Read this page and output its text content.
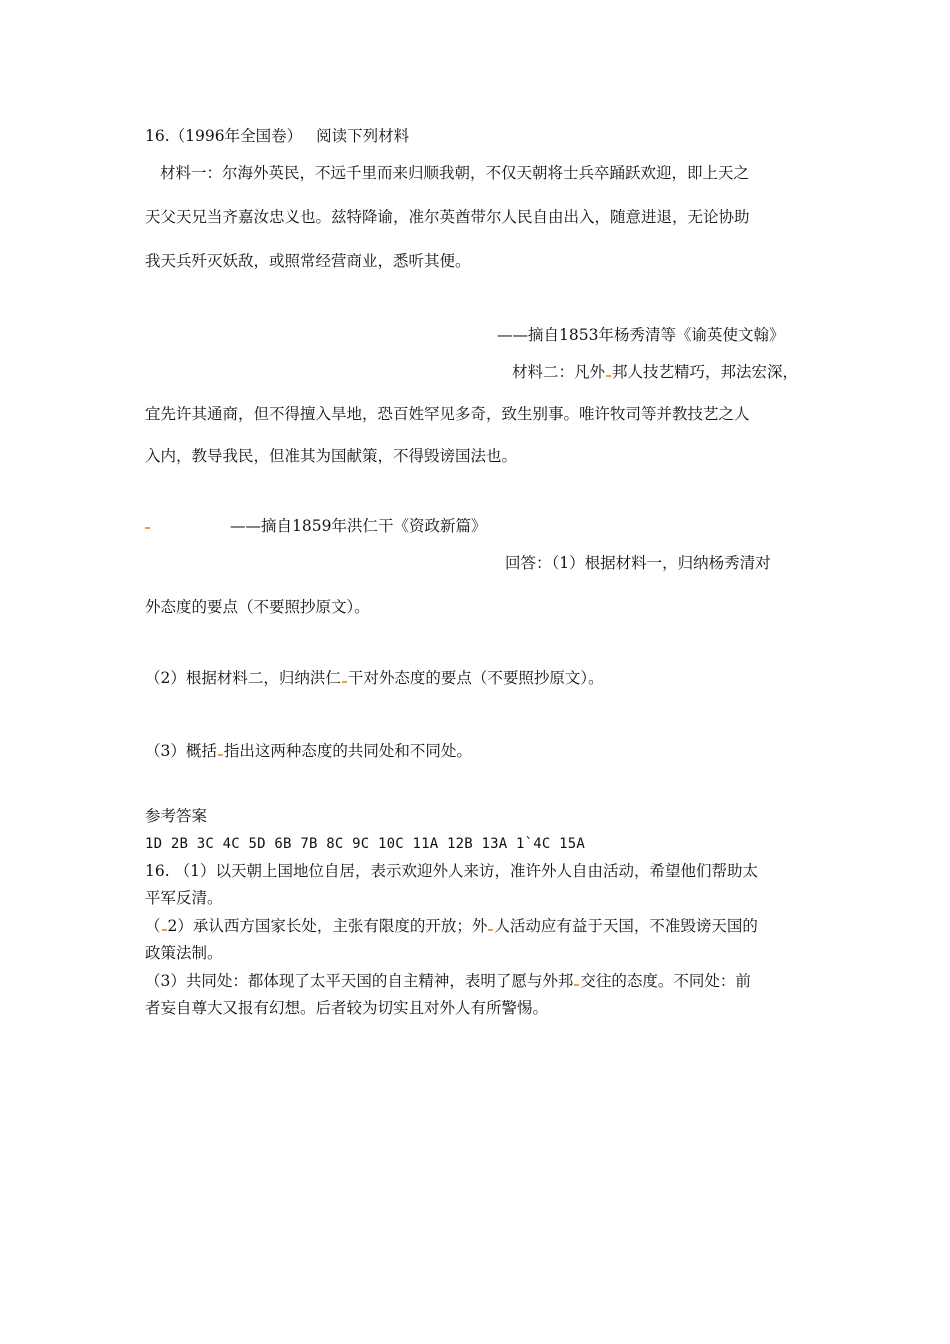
16.（1996年全国卷） 阅读下列材料
材料一：尔海外英民，不远千里而来归顺我朝，不仅天朝将士兵卒踊跃欢迎，即上天之
天父天兄当齐嘉汝忠义也。兹特降谕，准尔英酋带尔人民自由出入，随意进退，无论协助
我天兵歼灭妖敌，或照常经营商业，悉听其便。
——摘自1853年杨秀清等《谕英使文翰》
材料二：凡外 邦人技艺精巧，邦法宏深，
宜先许其通商，但不得擅入旱地，恐百姓罕见多奇，致生别事。唯许牧司等并教技艺之人
入内，教导我民，但准其为国献策，不得毁谤国法也。
——摘自1859年洪仁干《资政新篇》
回答：（1）根据材料一，归纳杨秀清对
外态度的要点（不要照抄原文）。
（2）根据材料二，归纳洪仁 干对外态度的要点（不要照抄原文）。
（3）概括 指出这两种态度的共同处和不同处。
参考答案
1D 2B 3C 4C 5D 6B 7B 8C 9C 10C 11A 12B 13A 1`4C 15A
16. （1）以天朝上国地位自居，表示欢迎外人来访，准许外人自由活动，希望他们帮助太
平军反清。
（ 2）承认西方国家长处，主张有限度的开放；外 人活动应有益于天国，不准毁谤天国的
政策法制。
（3）共同处：都体现了太平天国的自主精神，表明了愿与外邦 交往的态度。不同处：前
者妄自尊大又报有幻想。后者较为切实且对外人有所警惕。
